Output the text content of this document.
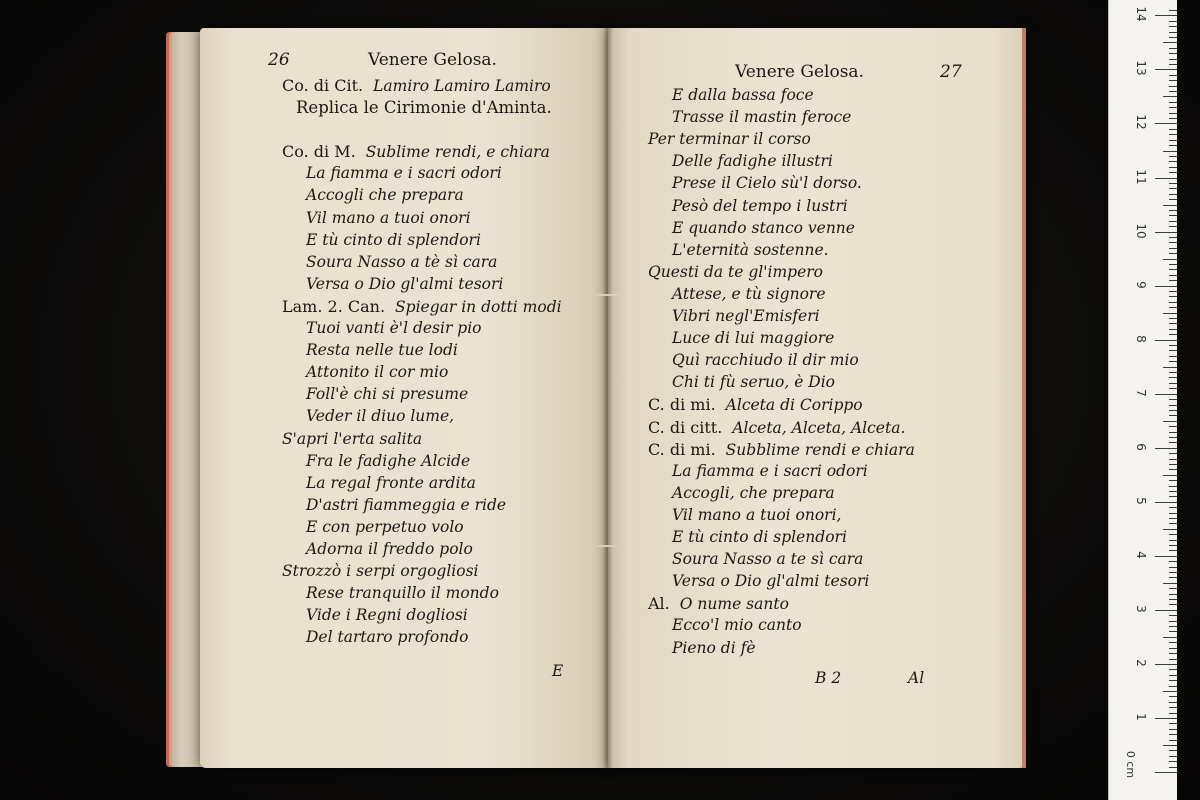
26	Venere Gelosa.
Co. di Cit. Lamiro Lamiro Lamiro
Replica le Cirimonie d'Aminta.
Co. di M. Sublime rendi, e chiara
La fiamma e i sacri odori
Accogli che prepara
Vil mano a tuoi onori
E tù cinto di splendori
Soura Nasso a tè sì cara
Versa o Dio gl'almi tesori
Lam. 2. Can. Spiegar in dotti modi
Tuoi vanti è'l desir pio
Resta nelle tue lodi
Attonito il cor mio
Foll'è chi si presume
Veder il diuo lume,
S'apri l'erta salita
Fra le fadighe Alcide
La regal fronte ardita
D'astri fiammeggia e ride
E con perpetuo volo
Adorna il freddo polo
Strozzò i serpi orgogliosi
Rese tranquillo il mondo
Vide i Regni dogliosi
Del tartaro profondo
E
Venere Gelosa.	27
E dalla bassa foce
Trasse il mastin feroce
Per terminar il corso
Delle fadighe illustri
Prese il Cielo sù'l dorso.
Pesò del tempo i lustri
E quando stanco venne
L'eternità sostenne.
Questi da te gl'impero
Attese, e tù signore
Vibri negl'Emisferi
Luce di lui maggiore
Quì racchiudo il dir mio
Chi ti fù seruo, è Dio
C. di mi. Alceta di Corippo
C. di citt. Alceta, Alceta, Alceta.
C. di mi. Subblime rendi e chiara
La fiamma e i sacri odori
Accogli, che prepara
Vil mano a tuoi onori,
E tù cinto di splendori
Soura Nasso a te sì cara
Versa o Dio gl'almi tesori
Al. O nume santo
Ecco'l mio canto
Pieno di fè
B 2	Al
0 cm
1
2
3
4
5
6
7
8
9
10
11
12
13
14
